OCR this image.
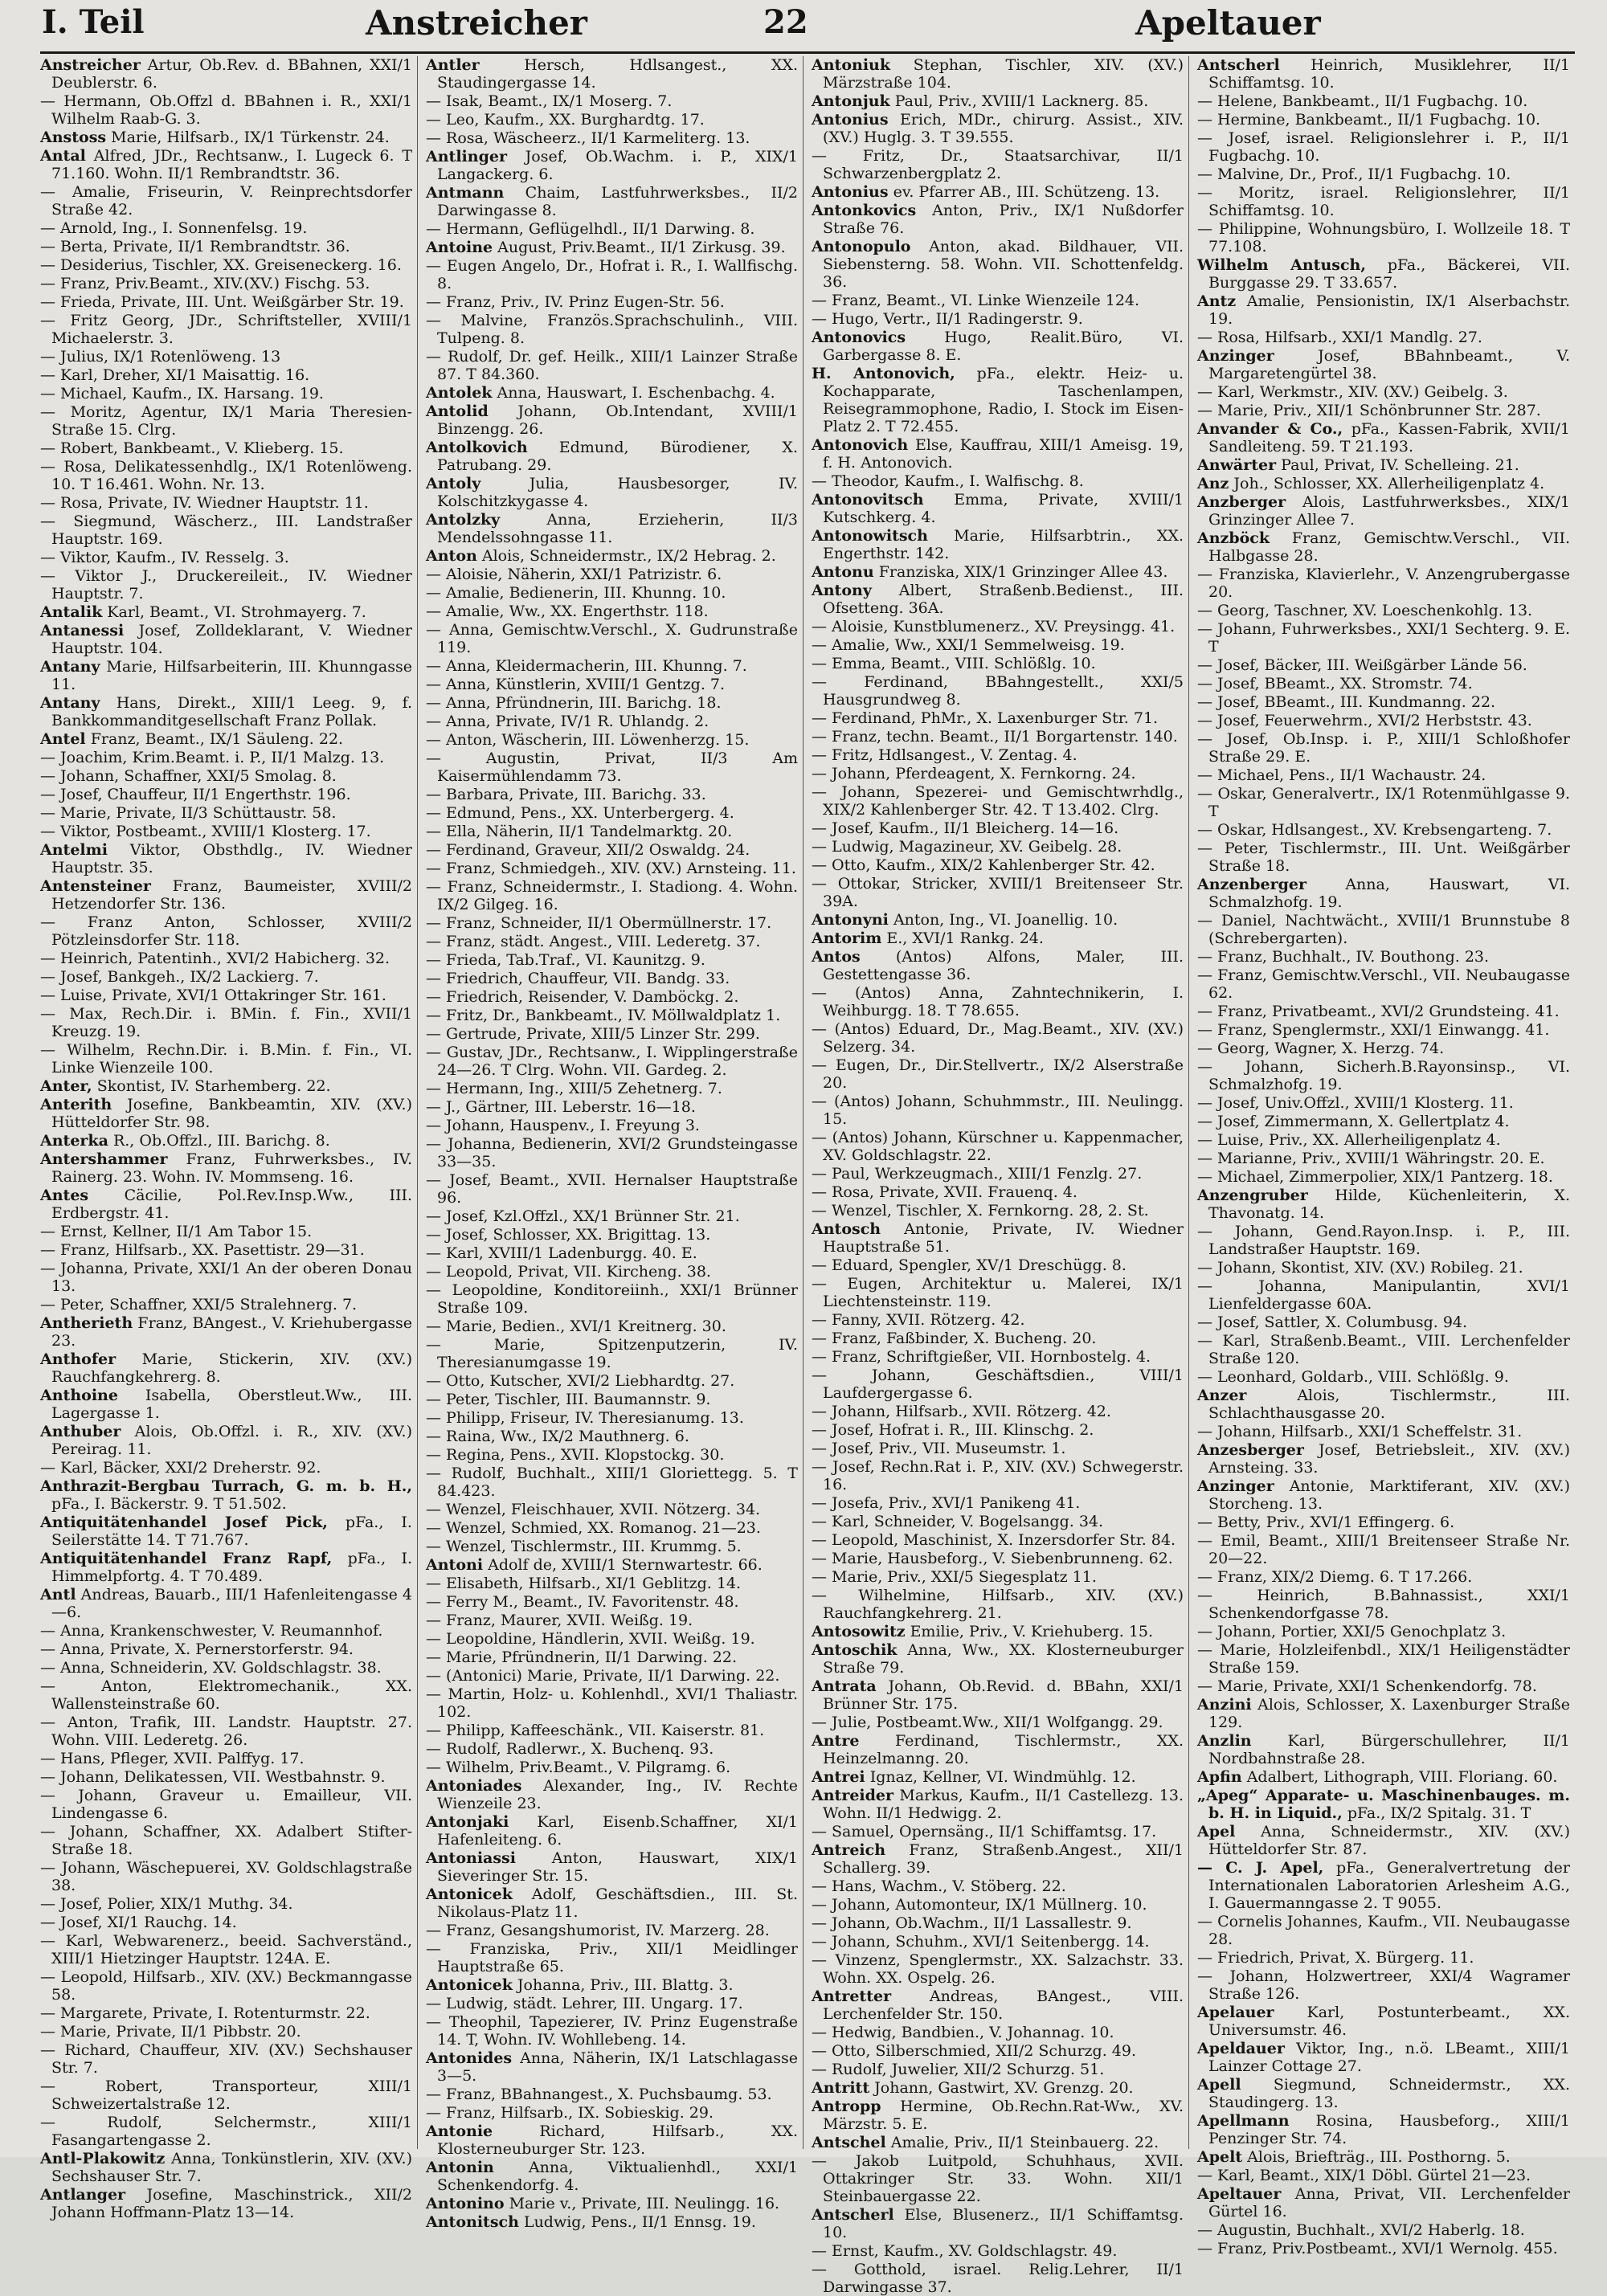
I. Teil	Anstreicher	22	Apeltauer
Anstreicher Artur, Ob.Rev. d. BBahnen, XXI/1 Deublerstr. 6.
— Hermann, Ob.Offzl d. BBahnen i. R., XXI/1 Wilhelm Raab-G. 3.
Anstoss Marie, Hilfsarb., IX/1 Türkenstr. 24.
Antal Alfred, JDr., Rechtsanw., I. Lugeck 6. T 71.160. Wohn. II/1 Rembrandtstr. 36.
— Amalie, Friseurin, V. Reinprechtsdorfer Straße 42.
— Arnold, Ing., I. Sonnenfelsg. 19.
— Berta, Private, II/1 Rembrandtstr. 36.
— Desiderius, Tischler, XX. Greiseneckerg. 16.
— Franz, Priv.Beamt., XIV.(XV.) Fischg. 53.
— Frieda, Private, III. Unt. Weißgärber Str. 19.
— Fritz Georg, JDr., Schriftsteller, XVIII/1 Michaelerstr. 3.
— Julius, IX/1 Rotenlöweng. 13
— Karl, Dreher, XI/1 Maisattig. 16.
— Michael, Kaufm., IX. Harsang. 19.
— Moritz, Agentur, IX/1 Maria Theresien-Straße 15. Clrg.
— Robert, Bankbeamt., V. Klieberg. 15.
— Rosa, Delikatessenhdlg., IX/1 Rotenlöweng. 10. T 16.461. Wohn. Nr. 13.
— Rosa, Private, IV. Wiedner Hauptstr. 11.
— Siegmund, Wäscherz., III. Landstraßer Hauptstr. 169.
— Viktor, Kaufm., IV. Resselg. 3.
— Viktor J., Druckereileit., IV. Wiedner Hauptstr. 7.
Antalik Karl, Beamt., VI. Strohmayerg. 7.
Antanessi Josef, Zolldeklarant, V. Wiedner Hauptstr. 104.
Antany Marie, Hilfsarbeiterin, III. Khunngasse 11.
Antany Hans, Direkt., XIII/1 Leeg. 9, f. Bankkommanditgesellschaft Franz Pollak.
Antel Franz, Beamt., IX/1 Säuleng. 22.
— Joachim, Krim.Beamt. i. P., II/1 Malzg. 13.
— Johann, Schaffner, XXI/5 Smolag. 8.
— Josef, Chauffeur, II/1 Engerthstr. 196.
— Marie, Private, II/3 Schüttaustr. 58.
— Viktor, Postbeamt., XVIII/1 Klosterg. 17.
Antelmi Viktor, Obsthdlg., IV. Wiedner Hauptstr. 35.
Antensteiner Franz, Baumeister, XVIII/2 Hetzendorfer Str. 136.
— Franz Anton, Schlosser, XVIII/2 Pötzleinsdorfer Str. 118.
— Heinrich, Patentinh., XVI/2 Habicherg. 32.
— Josef, Bankgeh., IX/2 Lackierg. 7.
— Luise, Private, XVI/1 Ottakringer Str. 161.
— Max, Rech.Dir. i. BMin. f. Fin., XVII/1 Kreuzg. 19.
— Wilhelm, Rechn.Dir. i. B.Min. f. Fin., VI. Linke Wienzeile 100.
Anter, Skontist, IV. Starhemberg. 22.
Anterith Josefine, Bankbeamtin, XIV. (XV.) Hütteldorfer Str. 98.
Anterka R., Ob.Offzl., III. Barichg. 8.
Antershammer Franz, Fuhrwerksbes., IV. Rainerg. 23. Wohn. IV. Mommseng. 16.
Antes Cäcilie, Pol.Rev.Insp.Ww., III. Erdbergstr. 41.
— Ernst, Kellner, II/1 Am Tabor 15.
— Franz, Hilfsarb., XX. Pasettistr. 29—31.
— Johanna, Private, XXI/1 An der oberen Donau 13.
— Peter, Schaffner, XXI/5 Stralehnerg. 7.
Antherieth Franz, BAngest., V. Kriehubergasse 23.
Anthofer Marie, Stickerin, XIV. (XV.) Rauchfangkehrerg. 8.
Anthoine Isabella, Oberstleut.Ww., III. Lagergasse 1.
Anthuber Alois, Ob.Offzl. i. R., XIV. (XV.) Pereirag. 11.
— Karl, Bäcker, XXI/2 Dreherstr. 92.
Anthrazit-Bergbau Turrach, G. m. b. H., pFa., I. Bäckerstr. 9. T 51.502.
Antiquitätenhandel Josef Pick, pFa., I. Seilerstätte 14. T 71.767.
Antiquitätenhandel Franz Rapf, pFa., I. Himmelpfortg. 4. T 70.489.
Antl Andreas, Bauarb., III/1 Hafenleitengasse 4—6.
— Anna, Krankenschwester, V. Reumannhof.
— Anna, Private, X. Pernerstorferstr. 94.
— Anna, Schneiderin, XV. Goldschlagstr. 38.
— Anton, Elektromechanik., XX. Wallensteinstraße 60.
— Anton, Trafik, III. Landstr. Hauptstr. 27. Wohn. VIII. Lederetg. 26.
— Hans, Pfleger, XVII. Palffyg. 17.
— Johann, Delikatessen, VII. Westbahnstr. 9.
— Johann, Graveur u. Emailleur, VII. Lindengasse 6.
— Johann, Schaffner, XX. Adalbert Stifter-Straße 18.
— Johann, Wäschepuerei, XV. Goldschlagstraße 38.
— Josef, Polier, XIX/1 Muthg. 34.
— Josef, XI/1 Rauchg. 14.
— Karl, Webwarenerz., beeid. Sachverständ., XIII/1 Hietzinger Hauptstr. 124A. E.
— Leopold, Hilfsarb., XIV. (XV.) Beckmanngasse 58.
— Margarete, Private, I. Rotenturmstr. 22.
— Marie, Private, II/1 Pibbstr. 20.
— Richard, Chauffeur, XIV. (XV.) Sechshauser Str. 7.
— Robert, Transporteur, XIII/1 Schweizertalstraße 12.
— Rudolf, Selchermstr., XIII/1 Fasangartengasse 2.
Antl-Plakowitz Anna, Tonkünstlerin, XIV. (XV.) Sechshauser Str. 7.
Antlanger Josefine, Maschinstrick., XII/2 Johann Hoffmann-Platz 13—14.
Antler	Hersch, Hdlsangest., XX. Staudingergasse 14.
— Isak, Beamt., IX/1 Moserg. 7.
— Leo, Kaufm., XX. Burghardtg. 17.
— Rosa, Wäscheerz., II/1 Karmeliterg. 13.
Antlinger Josef, Ob.Wachm. i. P., XIX/1 Langackerg. 6.
Antmann Chaim, Lastfuhrwerksbes., II/2 Darwingasse 8.
— Hermann, Geflügelhdl., II/1 Darwing. 8.
Antoine August, Priv.Beamt., II/1 Zirkusg. 39.
— Eugen Angelo, Dr., Hofrat i. R., I. Wallfischg. 8.
— Franz, Priv., IV. Prinz Eugen-Str. 56.
— Malvine, Französ.Sprachschulinh., VIII. Tulpeng. 8.
— Rudolf, Dr. gef. Heilk., XIII/1 Lainzer Straße 87. T 84.360.
Antolek Anna, Hauswart, I. Eschenbachg. 4.
Antolid Johann, Ob.Intendant, XVIII/1 Binzengg. 26.
Antolkovich Edmund, Bürodiener, X. Patrubang. 29.
Antoly	Julia, Hausbesorger, IV. Kolschitzkygasse 4.
Antolzky	Anna, Erzieherin, II/3 Mendelssohngasse 11.
Anton Alois, Schneidermstr., IX/2 Hebrag. 2.
— Aloisie, Näherin, XXI/1 Patrizistr. 6.
— Amalie, Bedienerin, III. Khunng. 10.
— Amalie, Ww., XX. Engerthstr. 118.
— Anna, Gemischtw.Verschl., X. Gudrunstraße 119.
— Anna, Kleidermacherin, III. Khunng. 7.
— Anna, Künstlerin, XVIII/1 Gentzg. 7.
— Anna, Pfründnerin, III. Barichg. 18.
— Anna, Private, IV/1 R. Uhlandg. 2.
— Anton, Wäscherin, III. Löwenherzg. 15.
— Augustin, Privat, II/3 Am Kaisermühlendamm 73.
— Barbara, Private, III. Barichg. 33.
— Edmund, Pens., XX. Unterbergerg. 4.
— Ella, Näherin, II/1 Tandelmarktg. 20.
— Ferdinand, Graveur, XII/2 Oswaldg. 24.
— Franz, Schmiedgeh., XIV. (XV.) Arnsteing. 11.
— Franz, Schneidermstr., I. Stadiong. 4. Wohn. IX/2 Gilgeg. 16.
— Franz, Schneider, II/1 Obermüllnerstr. 17.
— Franz, städt. Angest., VIII. Lederetg. 37.
— Frieda, Tab.Traf., VI. Kaunitzg. 9.
— Friedrich, Chauffeur, VII. Bandg. 33.
— Friedrich, Reisender, V. Damböckg. 2.
— Fritz, Dr., Bankbeamt., IV. Möllwaldplatz 1.
— Gertrude, Private, XIII/5 Linzer Str. 299.
— Gustav, JDr., Rechtsanw., I. Wipplingerstraße 24—26. T Clrg. Wohn. VII. Gardeg. 2.
— Hermann, Ing., XIII/5 Zehetnerg. 7.
— J., Gärtner, III. Leberstr. 16—18.
— Johann, Hauspenv., I. Freyung 3.
— Johanna, Bedienerin, XVI/2 Grundsteingasse 33—35.
— Josef, Beamt., XVII. Hernalser Hauptstraße 96.
— Josef, Kzl.Offzl., XX/1 Brünner Str. 21.
— Josef, Schlosser, XX. Brigittag. 13.
— Karl, XVIII/1 Ladenburgg. 40. E.
— Leopold, Privat, VII. Kircheng. 38.
— Leopoldine, Konditoreiinh., XXI/1 Brünner Straße 109.
— Marie, Bedien., XVI/1 Kreitnerg. 30.
— Marie, Spitzenputzerin, IV. Theresianumgasse 19.
— Otto, Kutscher, XVI/2 Liebhardtg. 27.
— Peter, Tischler, III. Baumannstr. 9.
— Philipp, Friseur, IV. Theresianumg. 13.
— Raina, Ww., IX/2 Mauthnerg. 6.
— Regina, Pens., XVII. Klopstockg. 30.
— Rudolf, Buchhalt., XIII/1 Gloriettegg. 5. T 84.423.
— Wenzel, Fleischhauer, XVII. Nötzerg. 34.
— Wenzel, Schmied, XX. Romanog. 21—23.
— Wenzel, Tischlermstr., III. Krummg. 5.
Antoni Adolf de, XVIII/1 Sternwartestr. 66.
— Elisabeth, Hilfsarb., XI/1 Geblitzg. 14.
— Ferry M., Beamt., IV. Favoritenstr. 48.
— Franz, Maurer, XVII. Weißg. 19.
— Leopoldine, Händlerin, XVII. Weißg. 19.
— Marie, Pfründnerin, II/1 Darwing. 22.
— (Antonici) Marie, Private, II/1 Darwing. 22.
— Martin, Holz- u. Kohlenhdl., XVI/1 Thaliastr. 102.
— Philipp, Kaffeeschänk., VII. Kaiserstr. 81.
— Rudolf, Radlerwr., X. Buchenq. 93.
— Wilhelm, Priv.Beamt., V. Pilgramg. 6.
Antoniades Alexander, Ing., IV. Rechte Wienzeile 23.
Antonjaki Karl, Eisenb.Schaffner, XI/1 Hafenleiteng. 6.
Antoniassi Anton, Hauswart, XIX/1 Sieveringer Str. 15.
Antonicek Adolf, Geschäftsdien., III. St. Nikolaus-Platz 11.
— Franz, Gesangshumorist, IV. Marzerg. 28.
— Franziska, Priv., XII/1 Meidlinger Hauptstraße 65.
Antonicek Johanna, Priv., III. Blattg. 3.
— Ludwig, städt. Lehrer, III. Ungarg. 17.
— Theophil, Tapezierer, IV. Prinz Eugenstraße 14. T, Wohn. IV. Wohllebeng. 14.
Antonides Anna, Näherin, IX/1 Latschlagasse 3—5.
— Franz, BBahnangest., X. Puchsbaumg. 53.
— Franz, Hilfsarb., IX. Sobieskig. 29.
Antonie	Richard, Hilfsarb., XX. Klosterneuburger Str. 123.
Antonin Anna, Viktualienhdl., XXI/1 Schenkendorfg. 4.
Antonino Marie v., Private, III. Neulingg. 16.
Antonitsch Ludwig, Pens., II/1 Ennsg. 19.
Antoniuk Stephan, Tischler, XIV. (XV.) Märzstraße 104.
Antonjuk Paul, Priv., XVIII/1 Lacknerg. 85.
Antonius Erich, MDr., chirurg. Assist., XIV. (XV.) Huglg. 3. T 39.555.
— Fritz, Dr., Staatsarchivar, II/1 Schwarzenbergplatz 2.
Antonius ev. Pfarrer AB., III. Schützeng. 13.
Antonkovics Anton, Priv., IX/1 Nußdorfer Straße 76.
Antonopulo Anton, akad. Bildhauer, VII. Siebensterng. 58. Wohn. VII. Schottenfeldg. 36.
— Franz, Beamt., VI. Linke Wienzeile 124.
— Hugo, Vertr., II/1 Radingerstr. 9.
Antonovics	Hugo, Realit.Büro, VI. Garbergasse 8. E.
H. Antonovich, pFa., elektr. Heiz- u. Kochapparate, Taschenlampen, Reisegrammophone, Radio, I. Stock im Eisen-Platz 2. T 72.455.
Antonovich Else, Kauffrau, XIII/1 Ameisg. 19, f. H. Antonovich.
— Theodor, Kaufm., I. Walfischg. 8.
Antonovitsch Emma, Private, XVIII/1 Kutschkerg. 4.
Antonowitsch Marie, Hilfsarbtrin., XX. Engerthstr. 142.
Antonu Franziska, XIX/1 Grinzinger Allee 43.
Antony Albert, Straßenb.Bedienst., III. Ofsetteng. 36A.
— Aloisie, Kunstblumenerz., XV. Preysingg. 41.
— Amalie, Ww., XXI/1 Semmelweisg. 19.
— Emma, Beamt., VIII. Schlößlg. 10.
— Ferdinand, BBahngestellt., XXI/5 Hausgrundweg 8.
— Ferdinand, PhMr., X. Laxenburger Str. 71.
— Franz, techn. Beamt., II/1 Borgartenstr. 140.
— Fritz, Hdlsangest., V. Zentag. 4.
— Johann, Pferdeagent, X. Fernkorng. 24.
— Johann, Spezerei- und Gemischtwrhdlg., XIX/2 Kahlenberger Str. 42. T 13.402. Clrg.
— Josef, Kaufm., II/1 Bleicherg. 14—16.
— Ludwig, Magazineur, XV. Geibelg. 28.
— Otto, Kaufm., XIX/2 Kahlenberger Str. 42.
— Ottokar, Stricker, XVIII/1 Breitenseer Str. 39A.
Antonyni Anton, Ing., VI. Joanellig. 10.
Antorim E., XVI/1 Rankg. 24.
Antos (Antos) Alfons, Maler, III. Gestettengasse 36.
— (Antos) Anna, Zahntechnikerin, I. Weihburgg. 18. T 78.655.
— (Antos) Eduard, Dr., Mag.Beamt., XIV. (XV.) Selzerg. 34.
— Eugen, Dr., Dir.Stellvertr., IX/2 Alserstraße 20.
— (Antos) Johann, Schuhmmstr., III. Neulingg. 15.
— (Antos) Johann, Kürschner u. Kappenmacher, XV. Goldschlagstr. 22.
— Paul, Werkzeugmach., XIII/1 Fenzlg. 27.
— Rosa, Private, XVII. Frauenq. 4.
— Wenzel, Tischler, X. Fernkorng. 28, 2. St.
Antosch Antonie, Private, IV. Wiedner Hauptstraße 51.
— Eduard, Spengler, XV/1 Dreschügg. 8.
— Eugen, Architektur u. Malerei, IX/1 Liechtensteinstr. 119.
— Fanny, XVII. Rötzerg. 42.
— Franz, Faßbinder, X. Bucheng. 20.
— Franz, Schriftgießer, VII. Hornbostelg. 4.
— Johann, Geschäftsdien., VIII/1 Laufdergergasse 6.
— Johann, Hilfsarb., XVII. Rötzerg. 42.
— Josef, Hofrat i. R., III. Klinschg. 2.
— Josef, Priv., VII. Museumstr. 1.
— Josef, Rechn.Rat i. P., XIV. (XV.) Schwegerstr. 16.
— Josefa, Priv., XVI/1 Panikeng 41.
— Karl, Schneider, V. Bogelsangg. 34.
— Leopold, Maschinist, X. Inzersdorfer Str. 84.
— Marie, Hausbeforg., V. Siebenbrunneng. 62.
— Marie, Priv., XXI/5 Siegesplatz 11.
— Wilhelmine, Hilfsarb., XIV. (XV.) Rauchfangkehrerg. 21.
Antosowitz Emilie, Priv., V. Kriehuberg. 15.
Antoschik Anna, Ww., XX. Klosterneuburger Straße 79.
Antrata Johann, Ob.Revid. d. BBahn, XXI/1 Brünner Str. 175.
— Julie, Postbeamt.Ww., XII/1 Wolfgangg. 29.
Antre Ferdinand, Tischlermstr., XX. Heinzelmanng. 20.
Antrei Ignaz, Kellner, VI. Windmühlg. 12.
Antreider Markus, Kaufm., II/1 Castellezg. 13. Wohn. II/1 Hedwigg. 2.
— Samuel, Opernsäng., II/1 Schiffamtsg. 17.
Antreich Franz, Straßenb.Angest., XII/1 Schallerg. 39.
— Hans, Wachm., V. Stöberg. 22.
— Johann, Automonteur, IX/1 Müllnerg. 10.
— Johann, Ob.Wachm., II/1 Lassallestr. 9.
— Johann, Schuhm., XVI/1 Seitenbergg. 14.
— Vinzenz, Spenglermstr., XX. Salzachstr. 33. Wohn. XX. Ospelg. 26.
Antretter	Andreas, BAngest., VIII. Lerchenfelder Str. 150.
— Hedwig, Bandbien., V. Johannag. 10.
— Otto, Silberschmied, XII/2 Schurzg. 49.
— Rudolf, Juwelier, XII/2 Schurzg. 51.
Antritt Johann, Gastwirt, XV. Grenzg. 20.
Antropp Hermine, Ob.Rechn.Rat-Ww., XV. Märzstr. 5. E.
Antschel Amalie, Priv., II/1 Steinbauerg. 22.
— Jakob Luitpold, Schuhhaus, XVII. Ottakringer Str. 33. Wohn. XII/1 Steinbauergasse 22.
Antscherl Else, Blusenerz., II/1 Schiffamtsg. 10.
— Ernst, Kaufm., XV. Goldschlagstr. 49.
— Gotthold, israel. Relig.Lehrer, II/1 Darwingasse 37.
Antscherl Heinrich, Musiklehrer, II/1 Schiffamtsg. 10.
— Helene, Bankbeamt., II/1 Fugbachg. 10.
— Hermine, Bankbeamt., II/1 Fugbachg. 10.
— Josef, israel. Religionslehrer i. P., II/1 Fugbachg. 10.
— Malvine, Dr., Prof., II/1 Fugbachg. 10.
— Moritz, israel. Religionslehrer, II/1 Schiffamtsg. 10.
— Philippine, Wohnungsbüro, I. Wollzeile 18. T 77.108.
Wilhelm Antusch, pFa., Bäckerei, VII. Burggasse 29. T 33.657.
Antz Amalie, Pensionistin, IX/1 Alserbachstr. 19.
— Rosa, Hilfsarb., XXI/1 Mandlg. 27.
Anzinger	Josef, BBahnbeamt., V. Margaretengürtel 38.
— Karl, Werkmstr., XIV. (XV.) Geibelg. 3.
— Marie, Priv., XII/1 Schönbrunner Str. 287.
Anvander & Co., pFa., Kassen-Fabrik, XVII/1 Sandleiteng. 59. T 21.193.
Anwärter Paul, Privat, IV. Schelleing. 21.
Anz Joh., Schlosser, XX. Allerheiligenplatz 4.
Anzberger Alois, Lastfuhrwerksbes., XIX/1 Grinzinger Allee 7.
Anzböck Franz, Gemischtw.Verschl., VII. Halbgasse 28.
— Franziska, Klavierlehr., V. Anzengrubergasse 20.
— Georg, Taschner, XV. Loeschenkohlg. 13.
— Johann, Fuhrwerksbes., XXI/1 Sechterg. 9. E. T
— Josef, Bäcker, III. Weißgärber Lände 56.
— Josef, BBeamt., XX. Stromstr. 74.
— Josef, BBeamt., III. Kundmanng. 22.
— Josef, Feuerwehrm., XVI/2 Herbststr. 43.
— Josef, Ob.Insp. i. P., XIII/1 Schloßhofer Straße 29. E.
— Michael, Pens., II/1 Wachaustr. 24.
— Oskar, Generalvertr., IX/1 Rotenmühlgasse 9. T
— Oskar, Hdlsangest., XV. Krebsengarteng. 7.
— Peter, Tischlermstr., III. Unt. Weißgärber Straße 18.
Anzenberger	Anna, Hauswart, VI. Schmalzhofg. 19.
— Daniel, Nachtwächt., XVIII/1 Brunnstube 8 (Schrebergarten).
— Franz, Buchhalt., IV. Bouthong. 23.
— Franz, Gemischtw.Verschl., VII. Neubaugasse 62.
— Franz, Privatbeamt., XVI/2 Grundsteing. 41.
— Franz, Spenglermstr., XXI/1 Einwangg. 41.
— Georg, Wagner, X. Herzg. 74.
— Johann, Sicherh.B.Rayonsinsp., VI. Schmalzhofg. 19.
— Josef, Univ.Offzl., XVIII/1 Klosterg. 11.
— Josef, Zimmermann, X. Gellertplatz 4.
— Luise, Priv., XX. Allerheiligenplatz 4.
— Marianne, Priv., XVIII/1 Währingstr. 20. E.
— Michael, Zimmerpolier, XIX/1 Pantzerg. 18.
Anzengruber Hilde, Küchenleiterin, X. Thavonatg. 14.
— Johann, Gend.Rayon.Insp. i. P., III. Landstraßer Hauptstr. 169.
— Johann, Skontist, XIV. (XV.) Robileg. 21.
— Johanna, Manipulantin, XVI/1 Lienfeldergasse 60A.
— Josef, Sattler, X. Columbusg. 94.
— Karl, Straßenb.Beamt., VIII. Lerchenfelder Straße 120.
— Leonhard, Goldarb., VIII. Schlößlg. 9.
Anzer	Alois, Tischlermstr., III. Schlachthausgasse 20.
— Johann, Hilfsarb., XXI/1 Scheffelstr. 31.
Anzesberger Josef, Betriebsleit., XIV. (XV.) Arnsteing. 33.
Anzinger Antonie, Marktiferant, XIV. (XV.) Storcheng. 13.
— Betty, Priv., XVI/1 Effingerg. 6.
— Emil, Beamt., XIII/1 Breitenseer Straße Nr. 20—22.
— Franz, XIX/2 Diemg. 6. T 17.266.
— Heinrich, B.Bahnassist., XXI/1 Schenkendorfgasse 78.
— Johann, Portier, XXI/5 Genochplatz 3.
— Marie, Holzleifenbdl., XIX/1 Heiligenstädter Straße 159.
— Marie, Private, XXI/1 Schenkendorfg. 78.
Anzini Alois, Schlosser, X. Laxenburger Straße 129.
Anzlin Karl, Bürgerschullehrer, II/1 Nordbahnstraße 28.
Apfin Adalbert, Lithograph, VIII. Floriang. 60.
„Apeg“ Apparate- u. Maschinenbauges. m. b. H. in Liquid., pFa., IX/2 Spitalg. 31. T
Apel Anna, Schneidermstr., XIV. (XV.) Hütteldorfer Str. 87.
— C. J. Apel, pFa., Generalvertretung der Internationalen Laboratorien Arlesheim A.G., I. Gauermanngasse 2. T 9055.
— Cornelis Johannes, Kaufm., VII. Neubaugasse 28.
— Friedrich, Privat, X. Bürgerg. 11.
— Johann, Holzwertreer, XXI/4 Wagramer Straße 126.
Apelauer Karl, Postunterbeamt., XX. Universumstr. 46.
Apeldauer Viktor, Ing., n.ö. LBeamt., XIII/1 Lainzer Cottage 27.
Apell Siegmund, Schneidermstr., XX. Staudingerg. 13.
Apellmann Rosina, Hausbeforg., XIII/1 Penzinger Str. 74.
Apelt Alois, Briefträg., III. Posthorng. 5.
— Karl, Beamt., XIX/1 Döbl. Gürtel 21—23.
Apeltauer Anna, Privat, VII. Lerchenfelder Gürtel 16.
— Augustin, Buchhalt., XVI/2 Haberlg. 18.
— Franz, Priv.Postbeamt., XVI/1 Wernolg. 455.
